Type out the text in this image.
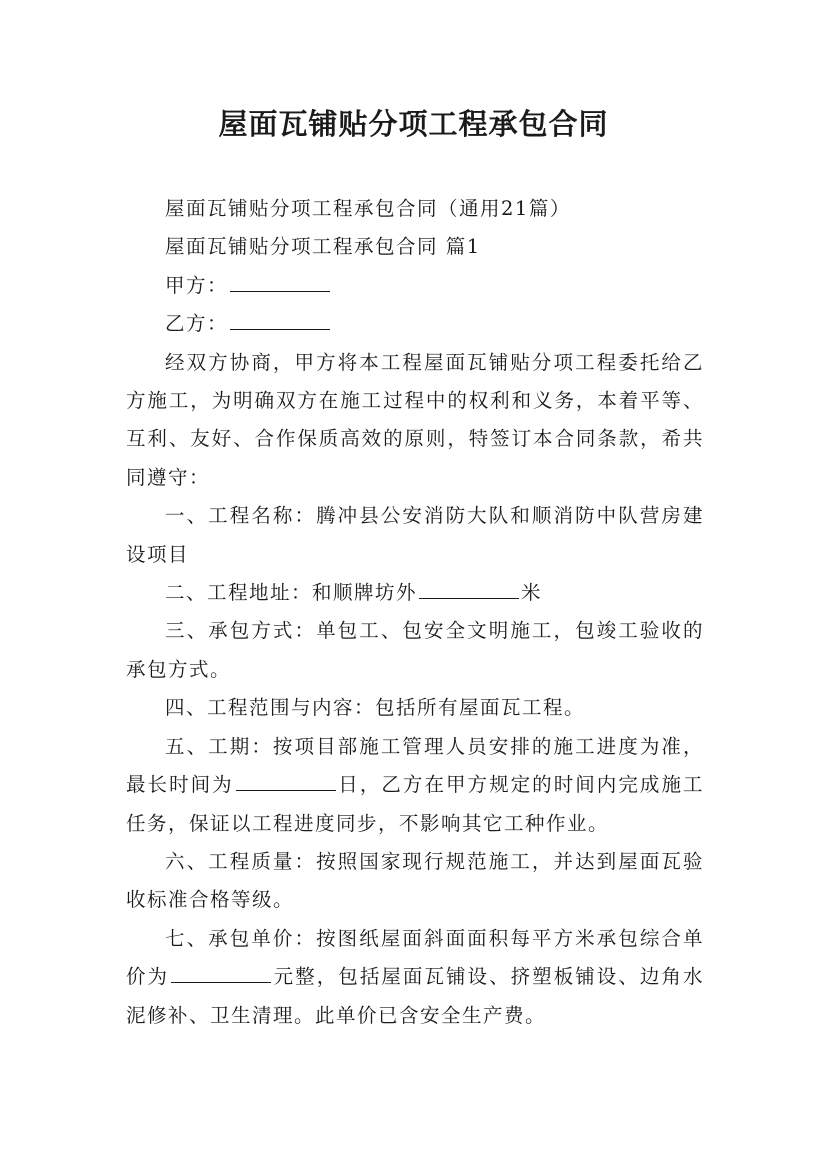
屋面瓦铺贴分项工程承包合同

屋面瓦铺贴分项工程承包合同（通用21篇）

屋面瓦铺贴分项工程承包合同 篇1

甲方：

乙方：

经双方协商，甲方将本工程屋面瓦铺贴分项工程委托给乙方施工，为明确双方在施工过程中的权利和义务，本着平等、互利、友好、合作保质高效的原则，特签订本合同条款，希共同遵守：

一、工程名称：腾冲县公安消防大队和顺消防中队营房建设项目

二、工程地址：和顺牌坊外	米

三、承包方式：单包工、包安全文明施工，包竣工验收的承包方式。

四、工程范围与内容：包括所有屋面瓦工程。

五、工期：按项目部施工管理人员安排的施工进度为准，最长时间为	日，乙方在甲方规定的时间内完成施工任务，保证以工程进度同步，不影响其它工种作业。

六、工程质量：按照国家现行规范施工，并达到屋面瓦验收标准合格等级。

七、承包单价：按图纸屋面斜面面积每平方米承包综合单价为	元整，包括屋面瓦铺设、挤塑板铺设、边角水泥修补、卫生清理。此单价已含安全生产费。
